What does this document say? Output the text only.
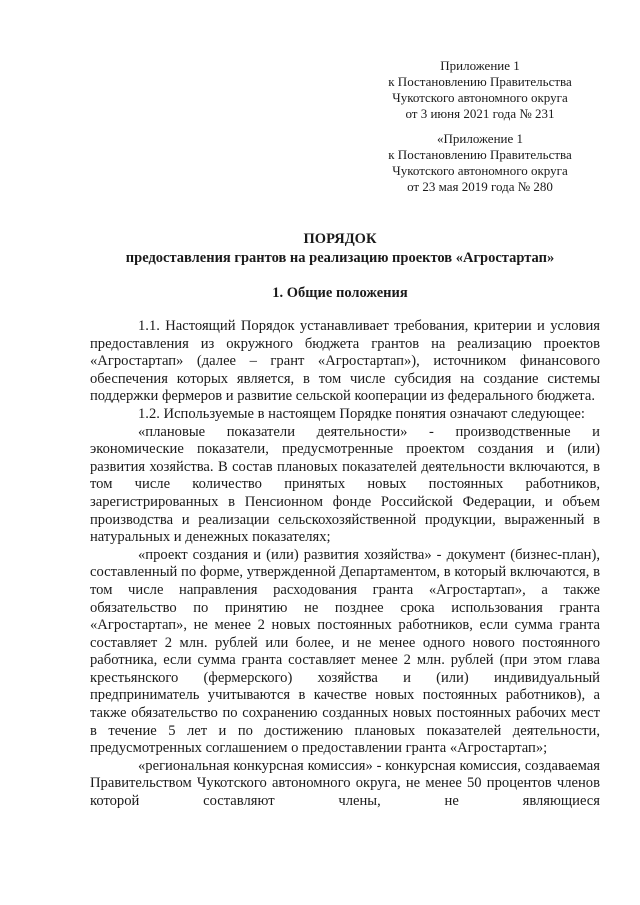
Приложение 1
к Постановлению Правительства
Чукотского автономного округа
от 3 июня 2021 года № 231
«Приложение 1
к Постановлению Правительства
Чукотского автономного округа
от 23 мая 2019 года № 280
ПОРЯДОК
предоставления грантов на реализацию проектов «Агростартап»
1. Общие положения

1.1. Настоящий Порядок устанавливает требования, критерии и условия предоставления из окружного бюджета грантов на реализацию проектов «Агростартап» (далее – грант «Агростартап»), источником финансового обеспечения которых является, в том числе субсидия на создание системы поддержки фермеров и развитие сельской кооперации из федерального бюджета.

1.2. Используемые в настоящем Порядке понятия означают следующее:

«плановые показатели деятельности» - производственные и экономические показатели, предусмотренные проектом создания и (или) развития хозяйства. В состав плановых показателей деятельности включаются, в том числе количество принятых новых постоянных работников, зарегистрированных в Пенсионном фонде Российской Федерации, и объем производства и реализации сельскохозяйственной продукции, выраженный в натуральных и денежных показателях;

«проект создания и (или) развития хозяйства» - документ (бизнес-план), составленный по форме, утвержденной Департаментом, в который включаются, в том числе направления расходования гранта «Агростартап», а также обязательство по принятию не позднее срока использования гранта «Агростартап», не менее 2 новых постоянных работников, если сумма гранта составляет 2 млн. рублей или более, и не менее одного нового постоянного работника, если сумма гранта составляет менее 2 млн. рублей (при этом глава крестьянского (фермерского) хозяйства и (или) индивидуальный предприниматель учитываются в качестве новых постоянных работников), а также обязательство по сохранению созданных новых постоянных рабочих мест в течение 5 лет и по достижению плановых показателей деятельности, предусмотренных соглашением о предоставлении гранта «Агростартап»;

«региональная конкурсная комиссия» - конкурсная комиссия, создаваемая Правительством Чукотского автономного округа, не менее 50 процентов членов которой составляют члены, не являющиеся
